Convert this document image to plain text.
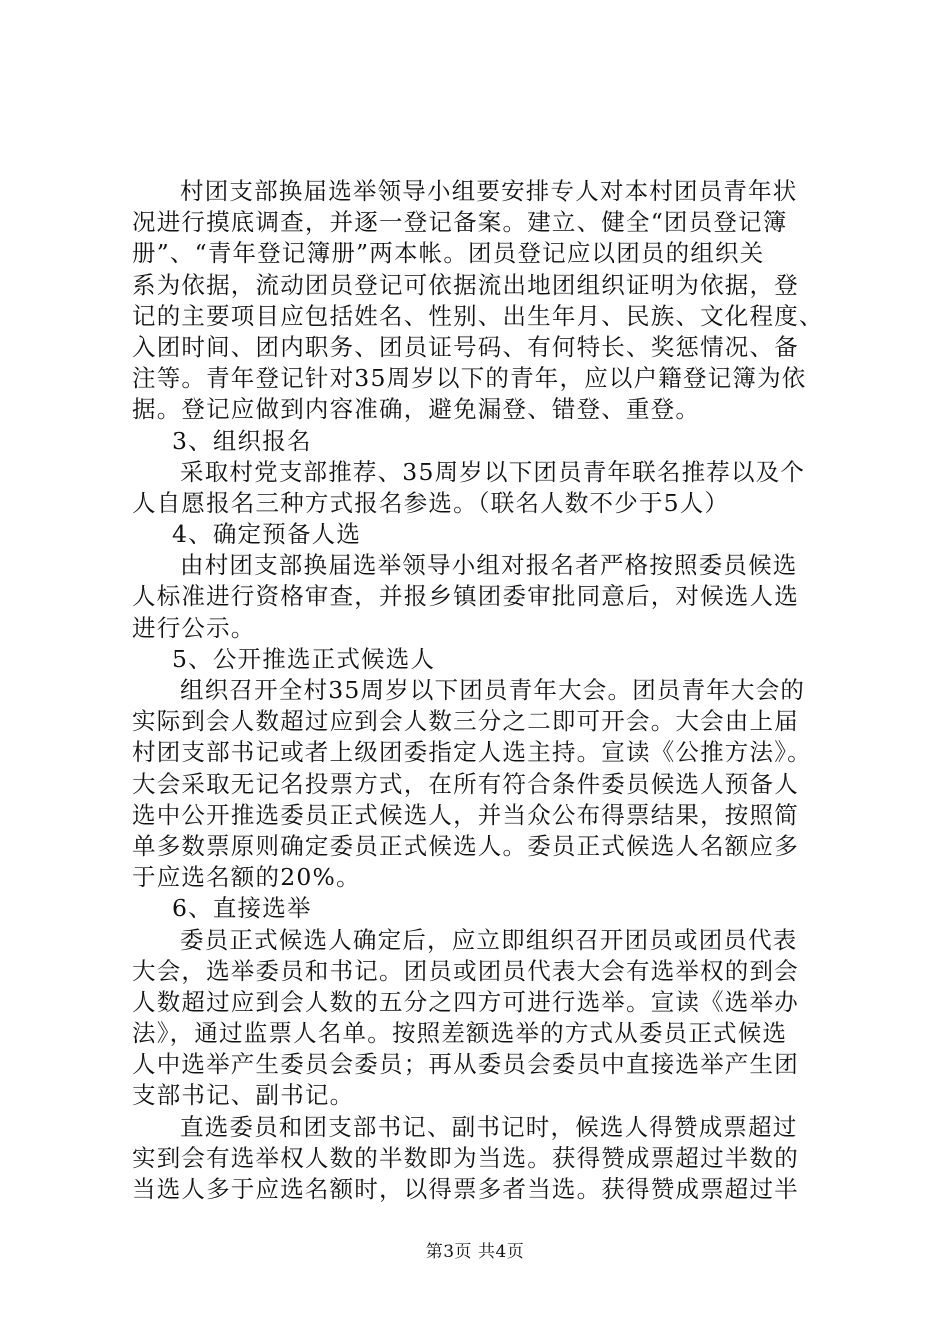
村团支部换届选举领导小组要安排专人对本村团员青年状
况进行摸底调查，并逐一登记备案。建立、健全“团员登记簿
册”、“青年登记簿册”两本帐。团员登记应以团员的组织关
系为依据，流动团员登记可依据流出地团组织证明为依据，登
记的主要项目应包括姓名、性别、出生年月、民族、文化程度、
入团时间、团内职务、团员证号码、有何特长、奖惩情况、备
注等。青年登记针对35周岁以下的青年，应以户籍登记簿为依
据。登记应做到内容准确，避免漏登、错登、重登。
3、组织报名
采取村党支部推荐、35周岁以下团员青年联名推荐以及个
人自愿报名三种方式报名参选。（联名人数不少于5人）
4、确定预备人选
由村团支部换届选举领导小组对报名者严格按照委员候选
人标准进行资格审查，并报乡镇团委审批同意后，对候选人选
进行公示。
5、公开推选正式候选人
组织召开全村35周岁以下团员青年大会。团员青年大会的
实际到会人数超过应到会人数三分之二即可开会。大会由上届
村团支部书记或者上级团委指定人选主持。宣读《公推方法》。
大会采取无记名投票方式，在所有符合条件委员候选人预备人
选中公开推选委员正式候选人，并当众公布得票结果，按照简
单多数票原则确定委员正式候选人。委员正式候选人名额应多
于应选名额的20%。
6、直接选举
委员正式候选人确定后，应立即组织召开团员或团员代表
大会，选举委员和书记。团员或团员代表大会有选举权的到会
人数超过应到会人数的五分之四方可进行选举。宣读《选举办
法》，通过监票人名单。按照差额选举的方式从委员正式候选
人中选举产生委员会委员；再从委员会委员中直接选举产生团
支部书记、副书记。
直选委员和团支部书记、副书记时，候选人得赞成票超过
实到会有选举权人数的半数即为当选。获得赞成票超过半数的
当选人多于应选名额时，以得票多者当选。获得赞成票超过半
第3页 共4页
